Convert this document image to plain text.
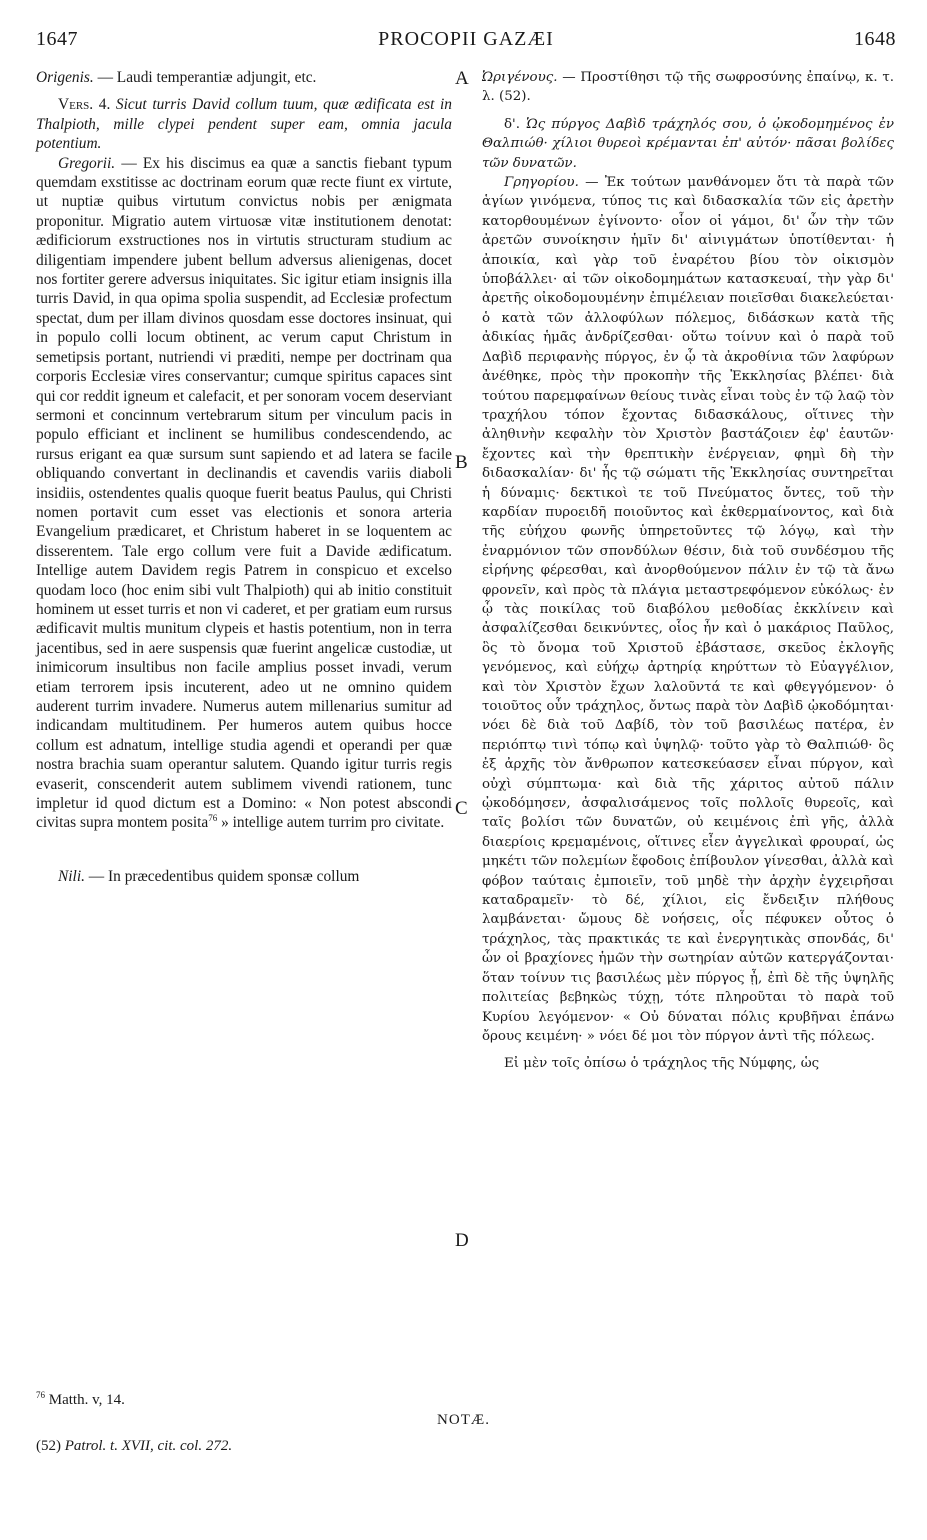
1647	PROCOPII GAZÆI	1648

Origenis. — Laudi temperantiæ adjungit, etc.

Vers. 4. Sicut turris David collum tuum, quæ ædificata est in Thalpioth, mille clypei pendent super eam, omnia jacula potentium.

Gregorii. — Ex his discimus ea quæ a sanctis fiebant typum quemdam exstitisse ac doctrinam eorum quæ recte fiunt ex virtute, ut nuptiæ quibus virtutum convictus nobis per ænigmata proponitur. Migratio autem virtuosæ vitæ institutionem denotat: ædificiorum exstructiones nos in virtutis structuram studium ac diligentiam impendere jubent bellum adversus alienigenas, docet nos fortiter gerere adversus iniquitates. Sic igitur etiam insignis illa turris David, in qua opima spolia suspendit, ad Ecclesiæ profectum spectat, dum per illam divinos quosdam esse doctores insinuat, qui in populo colli locum obtinent, ac verum caput Christum in semetipsis portant, nutriendi vi præditi, nempe per doctrinam qua corporis Ecclesiæ vires conservantur; cumque spiritus capaces sint qui cor reddit igneum et calefacit, et per sonoram vocem deserviant sermoni et concinnum vertebrarum situm per vinculum pacis in populo efficiant et inclinent se humilibus condescendendo, ac rursus erigant ea quæ sursum sunt sapiendo et ad latera se facile obliquando convertant in declinandis et cavendis variis diaboli insidiis, ostendentes qualis quoque fuerit beatus Paulus, qui Christi nomen portavit cum esset vas electionis et sonora arteria Evangelium prædicaret, et Christum haberet in se loquentem ac disserentem. Tale ergo collum vere fuit a Davide ædificatum. Intellige autem Davidem regis Patrem in conspicuo et excelso quodam loco (hoc enim sibi vult Thalpioth) qui ab initio constituit hominem ut esset turris et non vi caderet, et per gratiam eum rursus ædificavit multis munitum clypeis et hastis potentium, non in terra jacentibus, sed in aere suspensis quæ fuerint angelicæ custodiæ, ut inimicorum insultibus non facile amplius posset invadi, verum etiam terrorem ipsis incuterent, adeo ut ne omnino quidem auderent turrim invadere. Numerus autem millenarius sumitur ad indicandam multitudinem. Per humeros autem quibus hocce collum est adnatum, intellige studia agendi et operandi per quæ nostra brachia suam operantur salutem. Quando igitur turris regis evaserit, conscenderit autem sublimem vivendi rationem, tunc impletur id quod dictum est a Domino: « Non potest abscondi civitas supra montem posita$^{76}$ » intellige autem turrim pro civitate.

Nili. — In præcedentibus quidem sponsæ collum

Ὠριγένους. — Προστίθησι τῷ τῆς σωφροσύνης ἐπαίνῳ, κ. τ. λ. (52).

δ'. Ὡς πύργος Δαβὶδ τράχηλός σου, ὁ ᾠκοδομημένος ἐν Θαλπιώθ· χίλιοι θυρεοὶ κρέμανται ἐπ' αὐτόν· πᾶσαι βολίδες τῶν δυνατῶν.

Γρηγορίου. — Ἐκ τούτων μανθάνομεν ὅτι τὰ παρὰ τῶν ἁγίων γινόμενα, τύπος τις καὶ διδασκαλία τῶν εἰς ἀρετὴν κατορθουμένων ἐγίνοντο· οἷον οἱ γάμοι, δι' ὧν τὴν τῶν ἀρετῶν συνοίκησιν ἡμῖν δι' αἰνιγμάτων ὑποτίθενται· ἡ ἀποικία, καὶ γὰρ τοῦ ἐναρέτου βίου τὸν οἰκισμὸν ὑποβάλλει· αἱ τῶν οἰκοδομημάτων κατασκευαί, τὴν γὰρ δι' ἀρετῆς οἰκοδομουμένην ἐπιμέλειαν ποιεῖσθαι διακελεύεται· ὁ κατὰ τῶν ἀλλοφύλων πόλεμος, διδάσκων κατὰ τῆς ἀδικίας ἡμᾶς ἀνδρίζεσθαι· οὕτω τοίνυν καὶ ὁ παρὰ τοῦ Δαβὶδ περιφανὴς πύργος, ἐν ᾧ τὰ ἀκροθίνια τῶν λαφύρων ἀνέθηκε, πρὸς τὴν προκοπὴν τῆς Ἐκκλησίας βλέπει· διὰ τούτου παρεμφαίνων θείους τινὰς εἶναι τοὺς ἐν τῷ λαῷ τὸν τραχήλου τόπον ἔχοντας διδασκάλους, οἵτινες τὴν ἀληθινὴν κεφαλὴν τὸν Χριστὸν βαστάζοιεν ἐφ' ἑαυτῶν· ἔχοντες καὶ τὴν θρεπτικὴν ἐνέργειαν, φημὶ δὴ τὴν διδασκαλίαν· δι' ἧς τῷ σώματι τῆς Ἐκκλησίας συντηρεῖται ἡ δύναμις· δεκτικοὶ τε τοῦ Πνεύματος ὄντες, τοῦ τὴν καρδίαν πυροειδῆ ποιοῦντος καὶ ἐκθερμαίνοντος, καὶ διὰ τῆς εὐήχου φωνῆς ὑπηρετοῦντες τῷ λόγῳ, καὶ τὴν ἐναρμόνιον τῶν σπονδύλων θέσιν, διὰ τοῦ συνδέσμου τῆς εἰρήνης φέρεσθαι, καὶ ἀνορθούμενον πάλιν ἐν τῷ τὰ ἄνω φρονεῖν, καὶ πρὸς τὰ πλάγια μεταστρεφόμενον εὐκόλως· ἐν ᾧ τὰς ποικίλας τοῦ διαβόλου μεθοδίας ἐκκλίνειν καὶ ἀσφαλίζεσθαι δεικνύντες, οἷος ἦν καὶ ὁ μακάριος Παῦλος, ὃς τὸ ὄνομα τοῦ Χριστοῦ ἐβάστασε, σκεῦος ἐκλογῆς γενόμενος, καὶ εὐήχῳ ἀρτηρίᾳ κηρύττων τὸ Εὐαγγέλιον, καὶ τὸν Χριστὸν ἔχων λαλοῦντά τε καὶ φθεγγόμενον· ὁ τοιοῦτος οὖν τράχηλος, ὄντως παρὰ τὸν Δαβὶδ ᾠκοδόμηται· νόει δὲ διὰ τοῦ Δαβίδ, τὸν τοῦ βασιλέως πατέρα, ἐν περιόπτῳ τινὶ τόπῳ καὶ ὑψηλῷ· τοῦτο γὰρ τὸ Θαλπιώθ· ὃς ἐξ ἀρχῆς τὸν ἄνθρωπον κατεσκεύασεν εἶναι πύργον, καὶ οὐχὶ σύμπτωμα· καὶ διὰ τῆς χάριτος αὐτοῦ πάλιν ᾠκοδόμησεν, ἀσφαλισάμενος τοῖς πολλοῖς θυρεοῖς, καὶ ταῖς βολίσι τῶν δυνατῶν, οὐ κειμένοις ἐπὶ γῆς, ἀλλὰ διαερίοις κρεμαμένοις, οἵτινες εἶεν ἀγγελικαὶ φρουραί, ὡς μηκέτι τῶν πολεμίων ἔφοδοις ἐπίβουλον γίνεσθαι, ἀλλὰ καὶ φόβον ταύταις ἐμποιεῖν, τοῦ μηδὲ τὴν ἀρχὴν ἐγχειρῆσαι καταδραμεῖν· τὸ δέ, χίλιοι, εἰς ἔνδειξιν πλήθους λαμβάνεται· ὤμους δὲ νοήσεις, οἷς πέφυκεν οὗτος ὁ τράχηλος, τὰς πρακτικάς τε καὶ ἐνεργητικὰς σπονδάς, δι' ὧν οἱ βραχίονες ἡμῶν τὴν σωτηρίαν αὐτῶν κατεργάζονται· ὅταν τοίνυν τις βασιλέως μὲν πύργος ᾖ, ἐπὶ δὲ τῆς ὑψηλῆς πολιτείας βεβηκὼς τύχῃ, τότε πληροῦται τὸ παρὰ τοῦ Κυρίου λεγόμενον· « Οὐ δύναται πόλις κρυβῆναι ἐπάνω ὄρους κειμένη· » νόει δέ μοι τὸν πύργον ἀντὶ τῆς πόλεως.

Εἰ μὲν τοῖς ὀπίσω ὁ τράχηλος τῆς Νύμφης, ὡς

A
B
C
D
$^{76}$ Matth. v, 14.
NOTÆ.
(52) Patrol. t. XVII, cit. col. 272.
